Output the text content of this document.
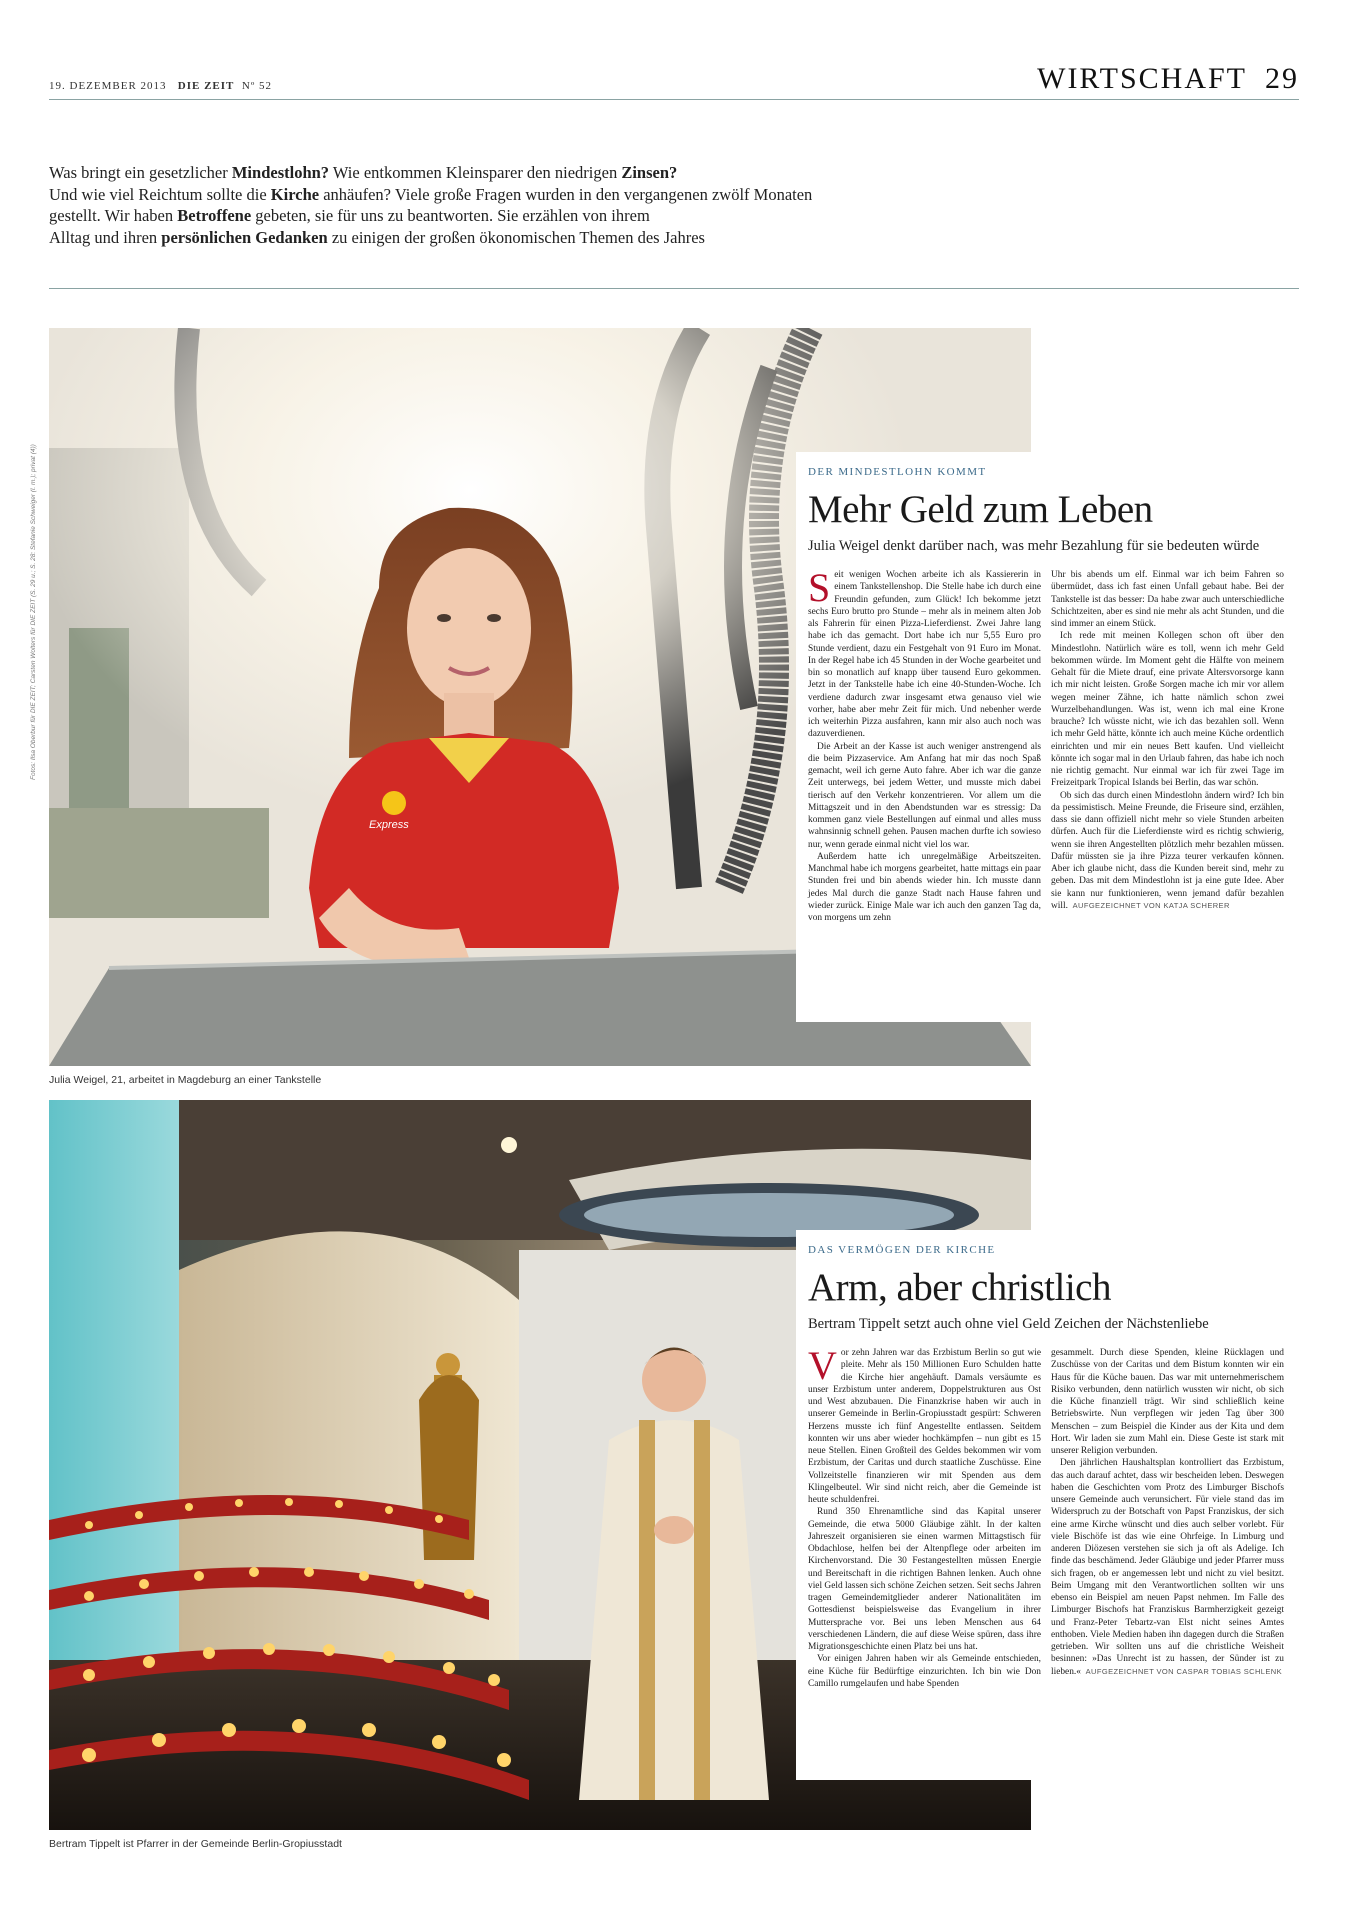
19. DEZEMBER 2013 DIE ZEIT Nº 52	WIRTSCHAFT 29
Was bringt ein gesetzlicher Mindestlohn? Wie entkommen Kleinsparer den niedrigen Zinsen?
Und wie viel Reichtum sollte die Kirche anhäufen? Viele große Fragen wurden in den vergangenen zwölf Monaten
gestellt. Wir haben Betroffene gebeten, sie für uns zu beantworten. Sie erzählen von ihrem
Alltag und ihren persönlichen Gedanken zu einigen der großen ökonomischen Themen des Jahres
Fotos: Ilsa Oberbur für DIE ZEIT; Carsten Wolters für DIE ZEIT (S. 29 u.; S. 28: Stefanie Schweiger (l. m.); privat (4))
Express
DER MINDESTLOHN KOMMT
Mehr Geld zum Leben
Julia Weigel denkt darüber nach, was mehr Bezahlung für sie bedeuten würde

Seit wenigen Wochen arbeite ich als Kassiererin in einem Tankstellenshop. Die Stelle habe ich durch eine Freundin gefunden, zum Glück! Ich bekomme jetzt sechs Euro brutto pro Stunde – mehr als in meinem alten Job als Fahrerin für einen Pizza-Lieferdienst. Zwei Jahre lang habe ich das gemacht. Dort habe ich nur 5,55 Euro pro Stunde verdient, dazu ein Festgehalt von 91 Euro im Monat. In der Regel habe ich 45 Stunden in der Woche gearbeitet und bin so monatlich auf knapp über tausend Euro gekommen. Jetzt in der Tankstelle habe ich eine 40-Stunden-Woche. Ich verdiene dadurch zwar insgesamt etwa genauso viel wie vorher, habe aber mehr Zeit für mich. Und nebenher werde ich weiterhin Pizza ausfahren, kann mir also auch noch was dazuverdienen.

Die Arbeit an der Kasse ist auch weniger anstrengend als die beim Pizzaservice. Am Anfang hat mir das noch Spaß gemacht, weil ich gerne Auto fahre. Aber ich war die ganze Zeit unterwegs, bei jedem Wetter, und musste mich dabei tierisch auf den Verkehr konzentrieren. Vor allem um die Mittagszeit und in den Abendstunden war es stressig: Da kommen ganz viele Bestellungen auf einmal und alles muss wahnsinnig schnell gehen. Pausen machen durfte ich sowieso nur, wenn gerade einmal nicht viel los war.

Außerdem hatte ich unregelmäßige Arbeitszeiten. Manchmal habe ich morgens gearbeitet, hatte mittags ein paar Stunden frei und bin abends wieder hin. Ich musste dann jedes Mal durch die ganze Stadt nach Hause fahren und wieder zurück. Einige Male war ich auch den ganzen Tag da, von morgens um zehn

Uhr bis abends um elf. Einmal war ich beim Fahren so übermüdet, dass ich fast einen Unfall gebaut habe. Bei der Tankstelle ist das besser: Da habe zwar auch unterschiedliche Schichtzeiten, aber es sind nie mehr als acht Stunden, und die sind immer an einem Stück.

Ich rede mit meinen Kollegen schon oft über den Mindestlohn. Natürlich wäre es toll, wenn ich mehr Geld bekommen würde. Im Moment geht die Hälfte von meinem Gehalt für die Miete drauf, eine private Altersvorsorge kann ich mir nicht leisten. Große Sorgen mache ich mir vor allem wegen meiner Zähne, ich hatte nämlich schon zwei Wurzelbehandlungen. Was ist, wenn ich mal eine Krone brauche? Ich wüsste nicht, wie ich das bezahlen soll. Wenn ich mehr Geld hätte, könnte ich auch meine Küche ordentlich einrichten und mir ein neues Bett kaufen. Und vielleicht könnte ich sogar mal in den Urlaub fahren, das habe ich noch nie richtig gemacht. Nur einmal war ich für zwei Tage im Freizeitpark Tropical Islands bei Berlin, das war schön.

Ob sich das durch einen Mindestlohn ändern wird? Ich bin da pessimistisch. Meine Freunde, die Friseure sind, erzählen, dass sie dann offiziell nicht mehr so viele Stunden arbeiten dürfen. Auch für die Lieferdienste wird es richtig schwierig, wenn sie ihren Angestellten plötzlich mehr bezahlen müssen. Dafür müssten sie ja ihre Pizza teurer verkaufen können. Aber ich glaube nicht, dass die Kunden bereit sind, mehr zu geben. Das mit dem Mindestlohn ist ja eine gute Idee. Aber sie kann nur funktionieren, wenn jemand dafür bezahlen will. AUFGEZEICHNET VON KATJA SCHERER

Julia Weigel, 21, arbeitet in Magdeburg an einer Tankstelle
DAS VERMÖGEN DER KIRCHE
Arm, aber christlich
Bertram Tippelt setzt auch ohne viel Geld Zeichen der Nächstenliebe

Vor zehn Jahren war das Erzbistum Berlin so gut wie pleite. Mehr als 150 Millionen Euro Schulden hatte die Kirche hier angehäuft. Damals versäumte es unser Erzbistum unter anderem, Doppelstrukturen aus Ost und West abzubauen. Die Finanzkrise haben wir auch in unserer Gemeinde in Berlin-Gropiusstadt gespürt: Schweren Herzens musste ich fünf Angestellte entlassen. Seitdem konnten wir uns aber wieder hochkämpfen – nun gibt es 15 neue Stellen. Einen Großteil des Geldes bekommen wir vom Erzbistum, der Caritas und durch staatliche Zuschüsse. Eine Vollzeitstelle finanzieren wir mit Spenden aus dem Klingelbeutel. Wir sind nicht reich, aber die Gemeinde ist heute schuldenfrei.

Rund 350 Ehrenamtliche sind das Kapital unserer Gemeinde, die etwa 5000 Gläubige zählt. In der kalten Jahreszeit organisieren sie einen warmen Mittagstisch für Obdachlose, helfen bei der Altenpflege oder arbeiten im Kirchenvorstand. Die 30 Festangestellten müssen Energie und Bereitschaft in die richtigen Bahnen lenken. Auch ohne viel Geld lassen sich schöne Zeichen setzen. Seit sechs Jahren tragen Gemeindemitglieder anderer Nationalitäten im Gottesdienst beispielsweise das Evangelium in ihrer Muttersprache vor. Bei uns leben Menschen aus 64 verschiedenen Ländern, die auf diese Weise spüren, dass ihre Migrationsgeschichte einen Platz bei uns hat.

Vor einigen Jahren haben wir als Gemeinde entschieden, eine Küche für Bedürftige einzurichten. Ich bin wie Don Camillo rumgelaufen und habe Spenden

gesammelt. Durch diese Spenden, kleine Rücklagen und Zuschüsse von der Caritas und dem Bistum konnten wir ein Haus für die Küche bauen. Das war mit unternehmerischem Risiko verbunden, denn natürlich wussten wir nicht, ob sich die Küche finanziell trägt. Wir sind schließlich keine Betriebswirte. Nun verpflegen wir jeden Tag über 300 Menschen – zum Beispiel die Kinder aus der Kita und dem Hort. Wir laden sie zum Mahl ein. Diese Geste ist stark mit unserer Religion verbunden.

Den jährlichen Haushaltsplan kontrolliert das Erzbistum, das auch darauf achtet, dass wir bescheiden leben. Deswegen haben die Geschichten vom Protz des Limburger Bischofs unsere Gemeinde auch verunsichert. Für viele stand das im Widerspruch zu der Botschaft von Papst Franziskus, der sich eine arme Kirche wünscht und dies auch selber vorlebt. Für viele Bischöfe ist das wie eine Ohrfeige. In Limburg und anderen Diözesen verstehen sie sich ja oft als Adelige. Ich finde das beschämend. Jeder Gläubige und jeder Pfarrer muss sich fragen, ob er angemessen lebt und nicht zu viel besitzt. Beim Umgang mit den Verantwortlichen sollten wir uns ebenso ein Beispiel am neuen Papst nehmen. Im Falle des Limburger Bischofs hat Franziskus Barmherzigkeit gezeigt und Franz-Peter Tebartz-van Elst nicht seines Amtes enthoben. Viele Medien haben ihn dagegen durch die Straßen getrieben. Wir sollten uns auf die christliche Weisheit besinnen: »Das Unrecht ist zu hassen, der Sünder ist zu lieben.« AUFGEZEICHNET VON CASPAR TOBIAS SCHLENK

Bertram Tippelt ist Pfarrer in der Gemeinde Berlin-Gropiusstadt
